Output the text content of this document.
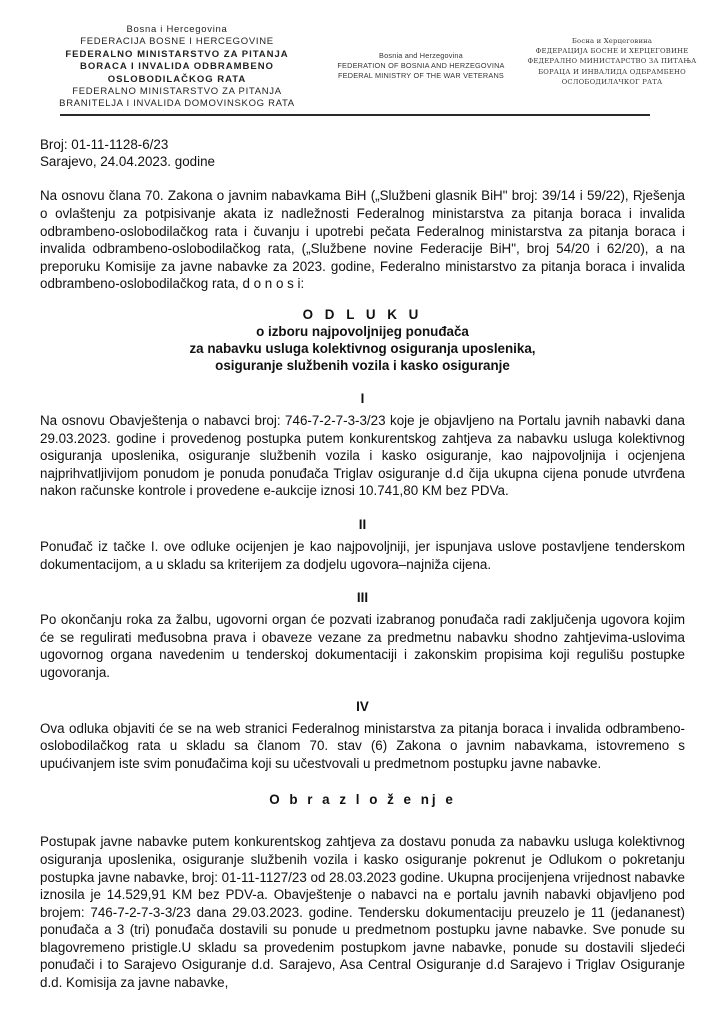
Bosna i Hercegovina
FEDERACIJA BOSNE I HERCEGOVINE
FEDERALNO MINISTARSTVO ZA PITANJA
BORACA I INVALIDA ODBRAMBENO
OSLOBODILAČKOG RATA
FEDERALNO MINISTARSTVO ZA PITANJA
BRANITELJA I INVALIDA DOMOVINSKOG RATA
Bosnia and Herzegovina
FEDERATION OF BOSNIA AND HERZEGOVINA
FEDERAL MINISTRY OF THE WAR VETERANS
Босна и Херцеговина
ФЕДЕРАЦИЈА БОСНЕ И ХЕРЦЕГОВИНЕ
ФЕДЕРАЛНО МИНИСТАРСТВО ЗА ПИТАЊА
БОРАЦА И ИНВАЛИДА ОДБРАМБЕНО
ОСЛОБОДИЛАЧКОГ РАТА
Broj: 01-11-1128-6/23
Sarajevo, 24.04.2023. godine

Na osnovu člana 70. Zakona o javnim nabavkama BiH („Službeni glasnik BiH" broj: 39/14 i 59/22), Rješenja o ovlaštenju za potpisivanje akata iz nadležnosti Federalnog ministarstva za pitanja boraca i invalida odbrambeno-oslobodilačkog rata i čuvanju i upotrebi pečata Federalnog ministarstva za pitanja boraca i invalida odbrambeno-oslobodilačkog rata, („Službene novine Federacije BiH", broj 54/20 i 62/20), a na preporuku Komisije za javne nabavke za 2023. godine, Federalno ministarstvo za pitanja boraca i invalida odbrambeno-oslobodilačkog rata, d o n o s i:

O D L U K U
o izboru najpovoljnijeg ponuđača
za nabavku usluga kolektivnog osiguranja uposlenika,
osiguranje službenih vozila i kasko osiguranje
I

Na osnovu Obavještenja o nabavci broj: 746-7-2-7-3-3/23 koje je objavljeno na Portalu javnih nabavki dana 29.03.2023. godine i provedenog postupka putem konkurentskog zahtjeva za nabavku usluga kolektivnog osiguranja uposlenika, osiguranje službenih vozila i kasko osiguranje, kao najpovoljnija i ocjenjena najprihvatljivijom ponudom je ponuda ponuđača Triglav osiguranje d.d čija ukupna cijena ponude utvrđena nakon računske kontrole i provedene e-aukcije iznosi 10.741,80 KM bez PDVa.

II

Ponuđač iz tačke I. ove odluke ocijenjen je kao najpovoljniji, jer ispunjava uslove postavljene tenderskom dokumentacijom, a u skladu sa kriterijem za dodjelu ugovora–najniža cijena.

III

Po okončanju roka za žalbu, ugovorni organ će pozvati izabranog ponuđača radi zaključenja ugovora kojim će se regulirati međusobna prava i obaveze vezane za predmetnu nabavku shodno zahtjevima-uslovima ugovornog organa navedenim u tenderskoj dokumentaciji i zakonskim propisima koji regulišu postupke ugovoranja.

IV

Ova odluka objaviti će se na web stranici Federalnog ministarstva za pitanja boraca i invalida odbrambeno-oslobodilačkog rata u skladu sa članom 70. stav (6) Zakona o javnim nabavkama, istovremeno s upućivanjem iste svim ponuđačima koji su učestvovali u predmetnom postupku javne nabavke.

O b r a z l o ž e nj e

Postupak javne nabavke putem konkurentskog zahtjeva za dostavu ponuda za nabavku usluga kolektivnog osiguranja uposlenika, osiguranje službenih vozila i kasko osiguranje pokrenut je Odlukom o pokretanju postupka javne nabavke, broj: 01-11-1127/23 od 28.03.2023 godine. Ukupna procijenjena vrijednost nabavke iznosila je 14.529,91 KM bez PDV-a. Obavještenje o nabavci na e portalu javnih nabavki objavljeno pod brojem: 746-7-2-7-3-3/23 dana 29.03.2023. godine. Tendersku dokumentaciju preuzelo je 11 (jedananest) ponuđača a 3 (tri) ponuđača dostavili su ponude u predmetnom postupku javne nabavke. Sve ponude su blagovremeno pristigle.U skladu sa provedenim postupkom javne nabavke, ponude su dostavili sljedeći ponuđači i to Sarajevo Osiguranje d.d. Sarajevo, Asa Central Osiguranje d.d Sarajevo i Triglav Osiguranje d.d. Komisija za javne nabavke,
